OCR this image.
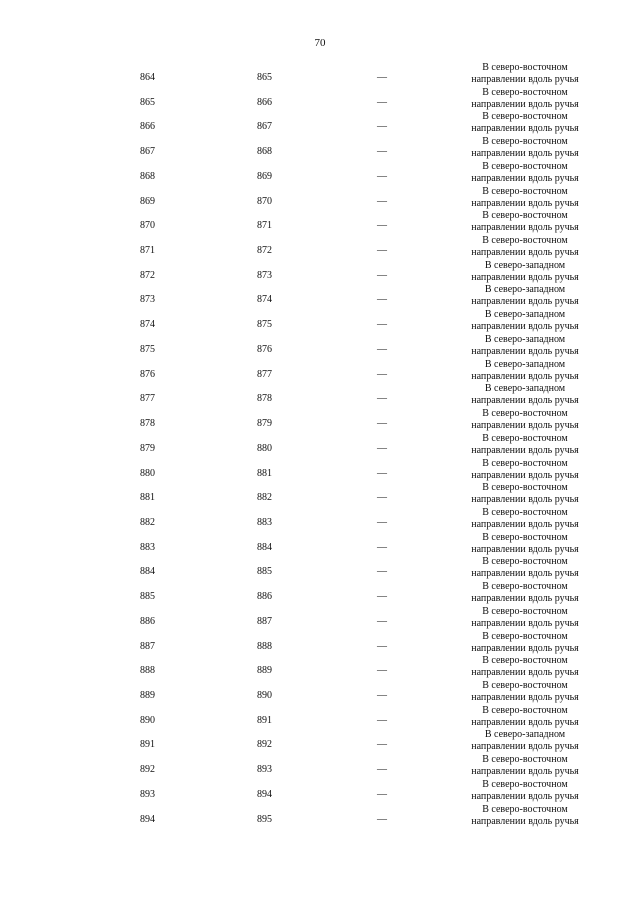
70
864	865	—
В северо-восточном
направлении вдоль ручья
865	866	—
В северо-восточном
направлении вдоль ручья
866	867	—
В северо-восточном
направлении вдоль ручья
867	868	—
В северо-восточном
направлении вдоль ручья
868	869	—
В северо-восточном
направлении вдоль ручья
869	870	—
В северо-восточном
направлении вдоль ручья
870	871	—
В северо-восточном
направлении вдоль ручья
871	872	—
В северо-восточном
направлении вдоль ручья
872	873	—
В северо-западном
направлении вдоль ручья
873	874	—
В северо-западном
направлении вдоль ручья
874	875	—
В северо-западном
направлении вдоль ручья
875	876	—
В северо-западном
направлении вдоль ручья
876	877	—
В северо-западном
направлении вдоль ручья
877	878	—
В северо-западном
направлении вдоль ручья
878	879	—
В северо-восточном
направлении вдоль ручья
879	880	—
В северо-восточном
направлении вдоль ручья
880	881	—
В северо-восточном
направлении вдоль ручья
881	882	—
В северо-восточном
направлении вдоль ручья
882	883	—
В северо-восточном
направлении вдоль ручья
883	884	—
В северо-восточном
направлении вдоль ручья
884	885	—
В северо-восточном
направлении вдоль ручья
885	886	—
В северо-восточном
направлении вдоль ручья
886	887	—
В северо-восточном
направлении вдоль ручья
887	888	—
В северо-восточном
направлении вдоль ручья
888	889	—
В северо-восточном
направлении вдоль ручья
889	890	—
В северо-восточном
направлении вдоль ручья
890	891	—
В северо-восточном
направлении вдоль ручья
891	892	—
В северо-западном
направлении вдоль ручья
892	893	—
В северо-восточном
направлении вдоль ручья
893	894	—
В северо-восточном
направлении вдоль ручья
894	895	—
В северо-восточном
направлении вдоль ручья
